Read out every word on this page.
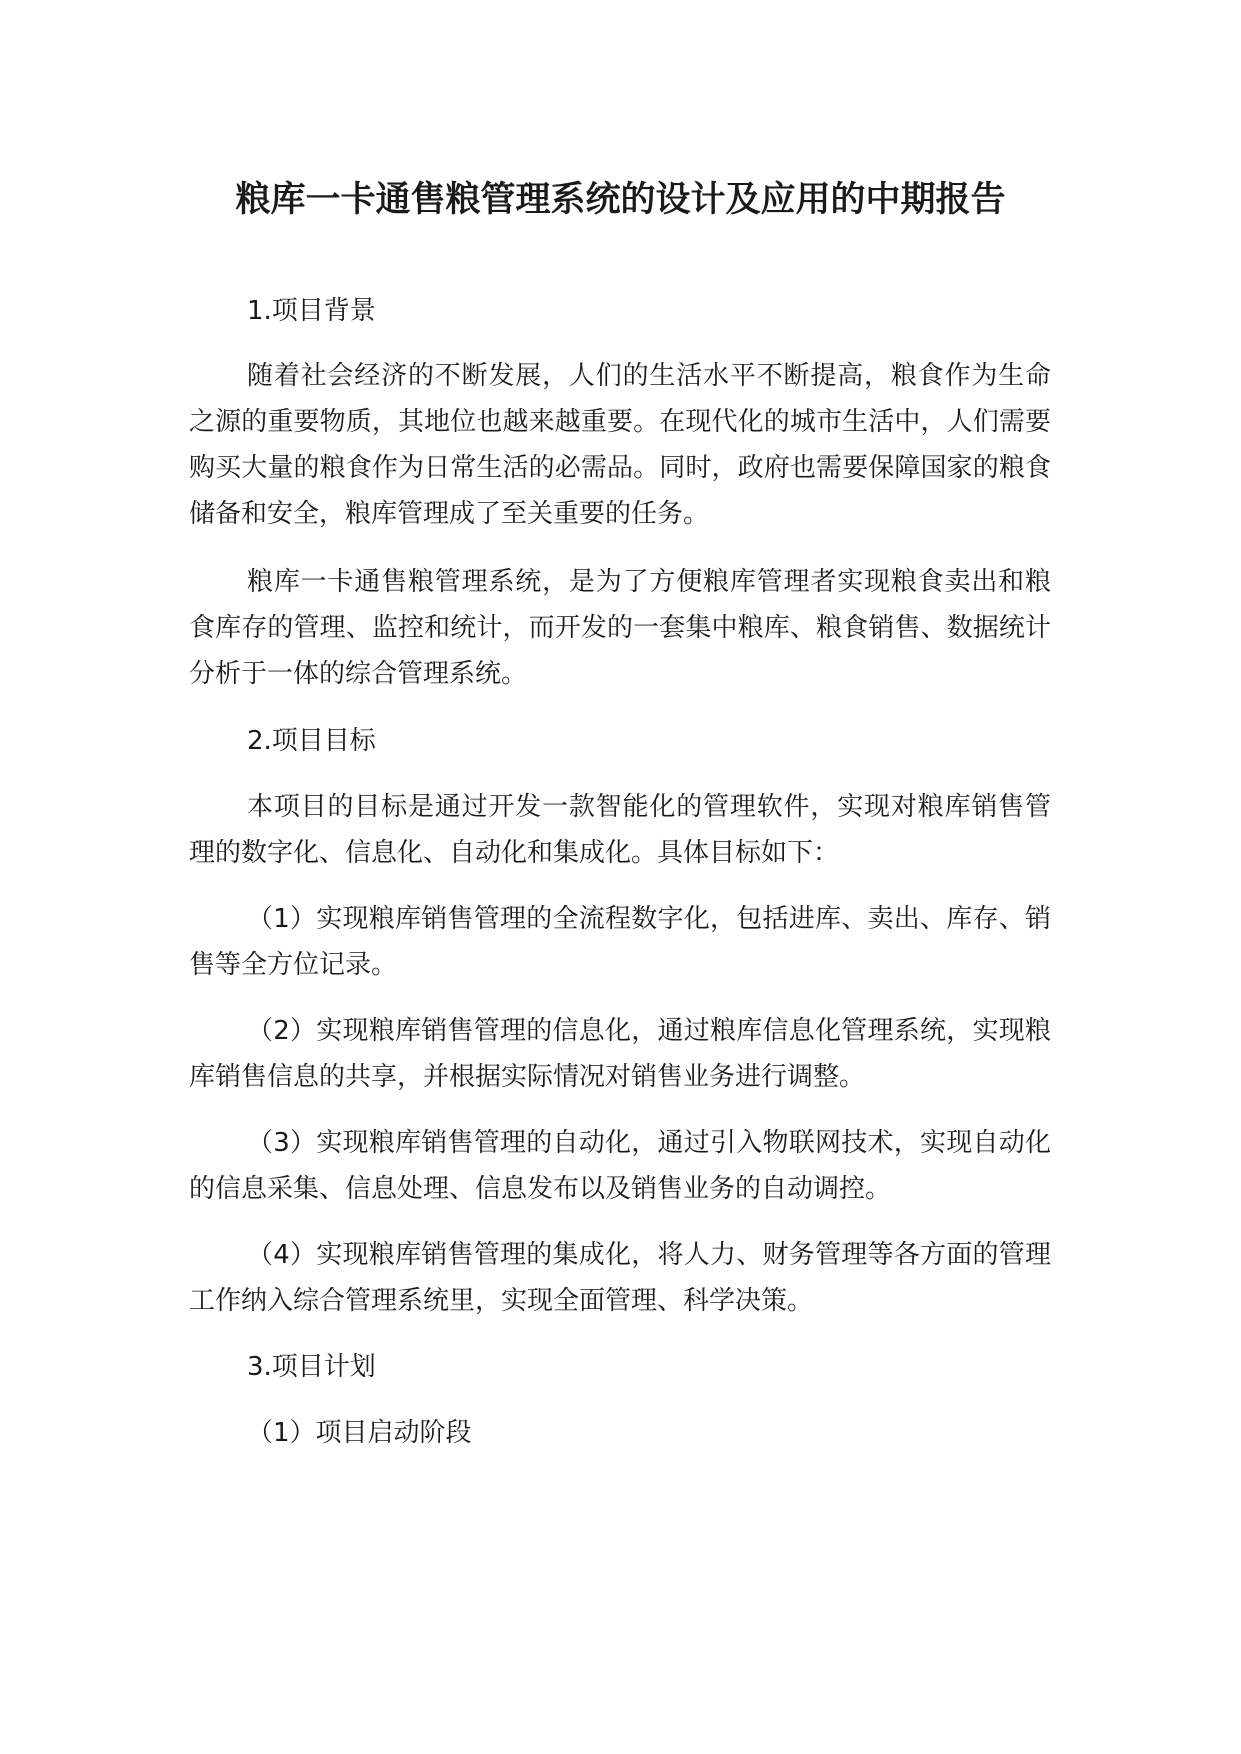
粮库一卡通售粮管理系统的设计及应用的中期报告

1.项目背景

随着社会经济的不断发展，人们的生活水平不断提高，粮食作为生命之源的重要物质，其地位也越来越重要。在现代化的城市生活中，人们需要购买大量的粮食作为日常生活的必需品。同时，政府也需要保障国家的粮食储备和安全，粮库管理成了至关重要的任务。

粮库一卡通售粮管理系统，是为了方便粮库管理者实现粮食卖出和粮食库存的管理、监控和统计，而开发的一套集中粮库、粮食销售、数据统计分析于一体的综合管理系统。

2.项目目标

本项目的目标是通过开发一款智能化的管理软件，实现对粮库销售管理的数字化、信息化、自动化和集成化。具体目标如下：

（1）实现粮库销售管理的全流程数字化，包括进库、卖出、库存、销售等全方位记录。

（2）实现粮库销售管理的信息化，通过粮库信息化管理系统，实现粮库销售信息的共享，并根据实际情况对销售业务进行调整。

（3）实现粮库销售管理的自动化，通过引入物联网技术，实现自动化的信息采集、信息处理、信息发布以及销售业务的自动调控。

（4）实现粮库销售管理的集成化，将人力、财务管理等各方面的管理工作纳入综合管理系统里，实现全面管理、科学决策。

3.项目计划

（1）项目启动阶段
